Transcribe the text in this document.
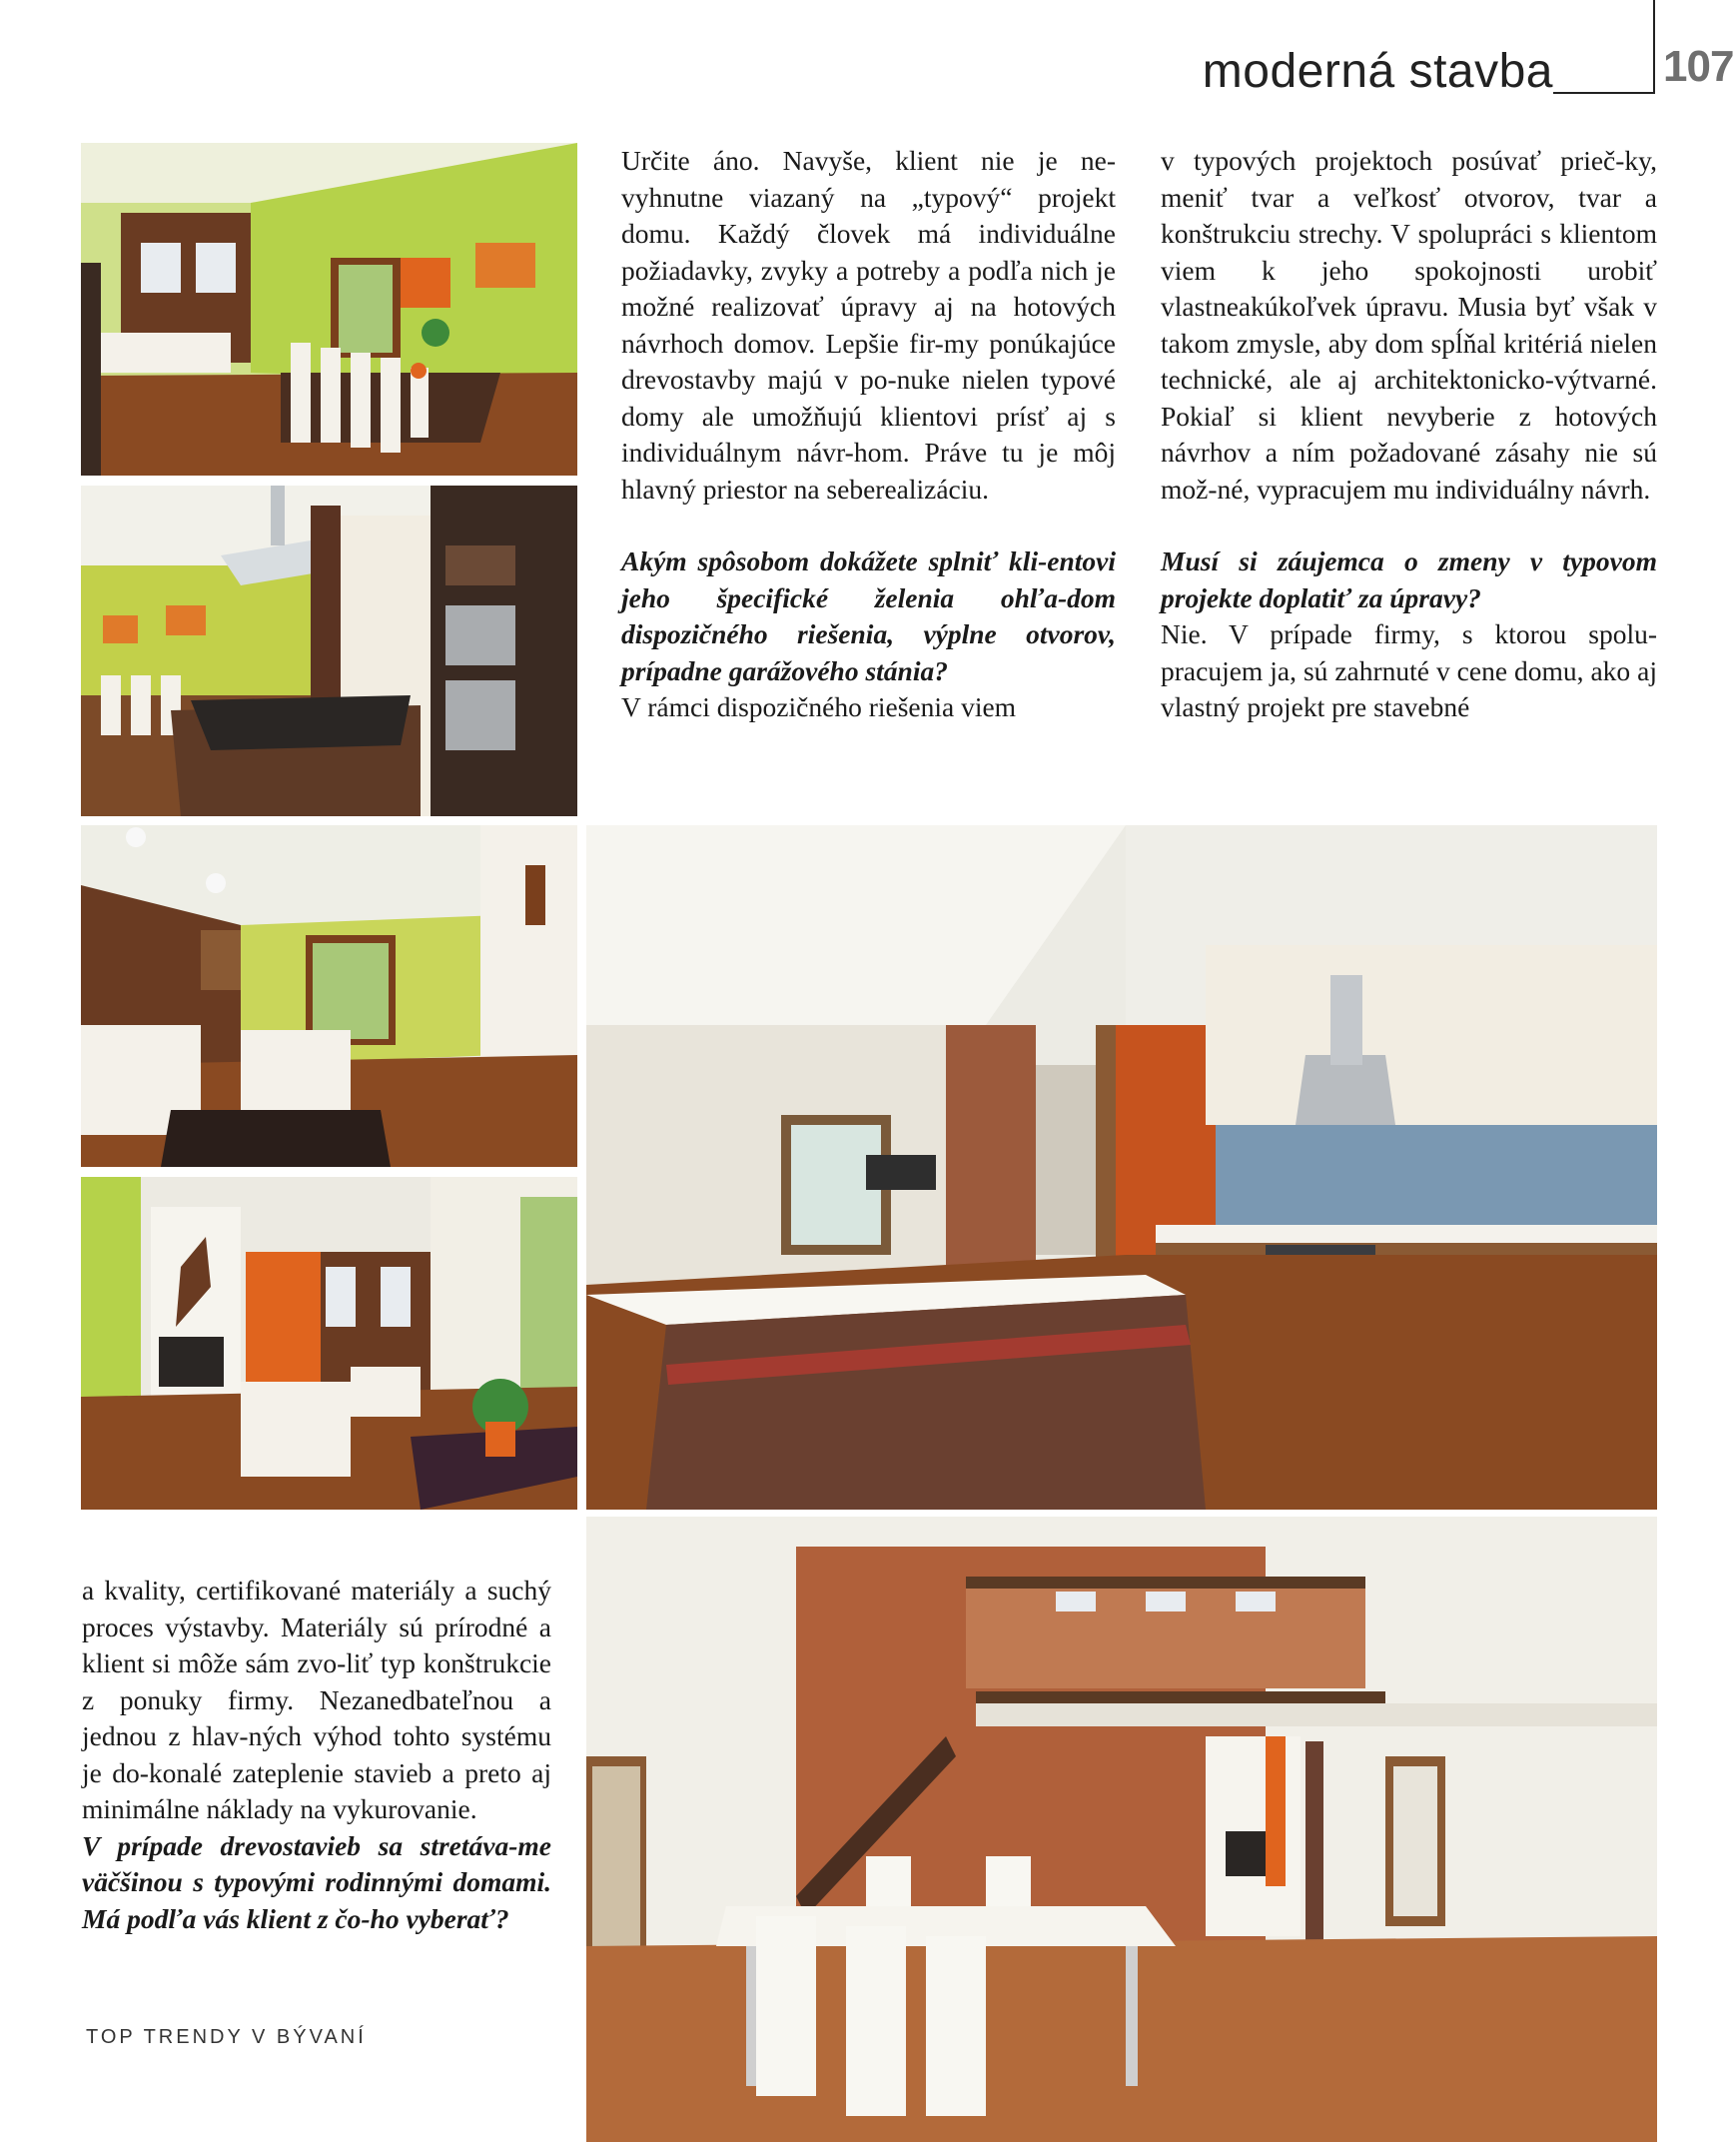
moderná stavba	107

Určite áno. Navyše, klient nie je ne-vyhnutne viazaný na „typový“ projekt domu. Každý človek má individuálne požiadavky, zvyky a potreby a podľa nich je možné realizovať úpravy aj na hotových návrhoch domov. Lepšie fir-my ponúkajúce drevostavby majú v po-nuke nielen typové domy ale umožňujú klientovi prísť aj s individuálnym návr-hom. Práve tu je môj hlavný priestor na seberealizáciu.

Akým spôsobom dokážete splniť kli-entovi jeho špecifické želenia ohľa-dom dispozičného riešenia, výplne otvorov, prípadne garážového stánia?

V rámci dispozičného riešenia viem

v typových projektoch posúvať prieč-ky, meniť tvar a veľkosť otvorov, tvar a konštrukciu strechy. V spolupráci s klientom viem k jeho spokojnosti urobiť vlastneakúkoľvek úpravu. Musia byť však v takom zmysle, aby dom spĺňal kritériá nielen technické, ale aj architektonicko-výtvarné. Pokiaľ si klient nevyberie z hotových návrhov a ním požadované zásahy nie sú mož-né, vypracujem mu individuálny návrh.

Musí si záujemca o zmeny v typovom projekte doplatiť za úpravy?

Nie. V prípade firmy, s ktorou spolu-pracujem ja, sú zahrnuté v cene domu, ako aj vlastný projekt pre stavebné

a kvality, certifikované materiály a suchý proces výstavby. Materiály sú prírodné a klient si môže sám zvo-liť typ konštrukcie z ponuky firmy. Nezanedbateľnou a jednou z hlav-ných výhod tohto systému je do-konalé zateplenie stavieb a preto aj minimálne náklady na vykurovanie.

V prípade drevostavieb sa stretáva-me väčšinou s typovými rodinnými domami. Má podľa vás klient z čo-ho vyberať?

TOP TRENDY V BÝVANÍ
